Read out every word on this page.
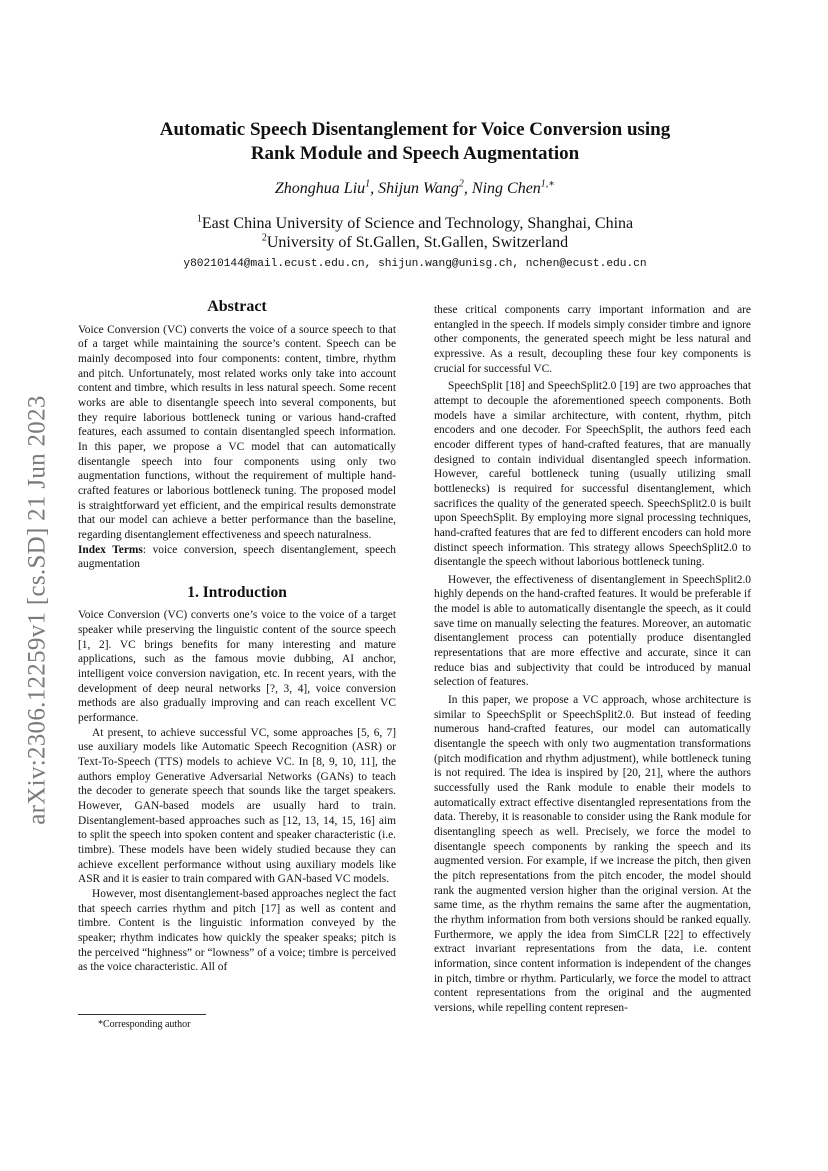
arXiv:2306.12259v1 [cs.SD] 21 Jun 2023
Automatic Speech Disentanglement for Voice Conversion using
Rank Module and Speech Augmentation
Zhonghua Liu$^1$, Shijun Wang$^2$, Ning Chen$^{1,∗}$
$^1$East China University of Science and Technology, Shanghai, China
$^2$University of St.Gallen, St.Gallen, Switzerland
y80210144@mail.ecust.edu.cn, shijun.wang@unisg.ch, nchen@ecust.edu.cn
Abstract

Voice Conversion (VC) converts the voice of a source speech to that of a target while maintaining the source’s content. Speech can be mainly decomposed into four components: content, timbre, rhythm and pitch. Unfortunately, most related works only take into account content and timbre, which results in less natural speech. Some recent works are able to disentangle speech into several components, but they require laborious bottleneck tuning or various hand-crafted features, each assumed to contain disentangled speech information. In this paper, we propose a VC model that can automatically disentangle speech into four components using only two augmentation functions, without the requirement of multiple hand-crafted features or laborious bottleneck tuning. The proposed model is straightforward yet efficient, and the empirical results demonstrate that our model can achieve a better performance than the baseline, regarding disentanglement effectiveness and speech naturalness.

Index Terms: voice conversion, speech disentanglement, speech augmentation

1. Introduction

Voice Conversion (VC) converts one’s voice to the voice of a target speaker while preserving the linguistic content of the source speech [1, 2]. VC brings benefits for many interesting and mature applications, such as the famous movie dubbing, AI anchor, intelligent voice conversion navigation, etc. In recent years, with the development of deep neural networks [?, 3, 4], voice conversion methods are also gradually improving and can reach excellent VC performance.

At present, to achieve successful VC, some approaches [5, 6, 7] use auxiliary models like Automatic Speech Recognition (ASR) or Text-To-Speech (TTS) models to achieve VC. In [8, 9, 10, 11], the authors employ Generative Adversarial Networks (GANs) to teach the decoder to generate speech that sounds like the target speakers. However, GAN-based models are usually hard to train. Disentanglement-based approaches such as [12, 13, 14, 15, 16] aim to split the speech into spoken content and speaker characteristic (i.e. timbre). These models have been widely studied because they can achieve excellent performance without using auxiliary models like ASR and it is easier to train compared with GAN-based VC models.

However, most disentanglement-based approaches neglect the fact that speech carries rhythm and pitch [17] as well as content and timbre. Content is the linguistic information conveyed by the speaker; rhythm indicates how quickly the speaker speaks; pitch is the perceived “highness” or “lowness” of a voice; timbre is perceived as the voice characteristic. All of

these critical components carry important information and are entangled in the speech. If models simply consider timbre and ignore other components, the generated speech might be less natural and expressive. As a result, decoupling these four key components is crucial for successful VC.

SpeechSplit [18] and SpeechSplit2.0 [19] are two approaches that attempt to decouple the aforementioned speech components. Both models have a similar architecture, with content, rhythm, pitch encoders and one decoder. For SpeechSplit, the authors feed each encoder different types of hand-crafted features, that are manually designed to contain individual disentangled speech information. However, careful bottleneck tuning (usually utilizing small bottlenecks) is required for successful disentanglement, which sacrifices the quality of the generated speech. SpeechSplit2.0 is built upon SpeechSplit. By employing more signal processing techniques, hand-crafted features that are fed to different encoders can hold more distinct speech information. This strategy allows SpeechSplit2.0 to disentangle the speech without laborious bottleneck tuning.

However, the effectiveness of disentanglement in SpeechSplit2.0 highly depends on the hand-crafted features. It would be preferable if the model is able to automatically disentangle the speech, as it could save time on manually selecting the features. Moreover, an automatic disentanglement process can potentially produce disentangled representations that are more effective and accurate, since it can reduce bias and subjectivity that could be introduced by manual selection of features.

In this paper, we propose a VC approach, whose architecture is similar to SpeechSplit or SpeechSplit2.0. But instead of feeding numerous hand-crafted features, our model can automatically disentangle the speech with only two augmentation transformations (pitch modification and rhythm adjustment), while bottleneck tuning is not required. The idea is inspired by [20, 21], where the authors successfully used the Rank module to enable their models to automatically extract effective disentangled representations from the data. Thereby, it is reasonable to consider using the Rank module for disentangling speech as well. Precisely, we force the model to disentangle speech components by ranking the speech and its augmented version. For example, if we increase the pitch, then given the pitch representations from the pitch encoder, the model should rank the augmented version higher than the original version. At the same time, as the rhythm remains the same after the augmentation, the rhythm information from both versions should be ranked equally. Furthermore, we apply the idea from SimCLR [22] to effectively extract invariant representations from the data, i.e. content information, since content information is independent of the changes in pitch, timbre or rhythm. Particularly, we force the model to attract content representations from the original and the augmented versions, while repelling content represen-

*Corresponding author
